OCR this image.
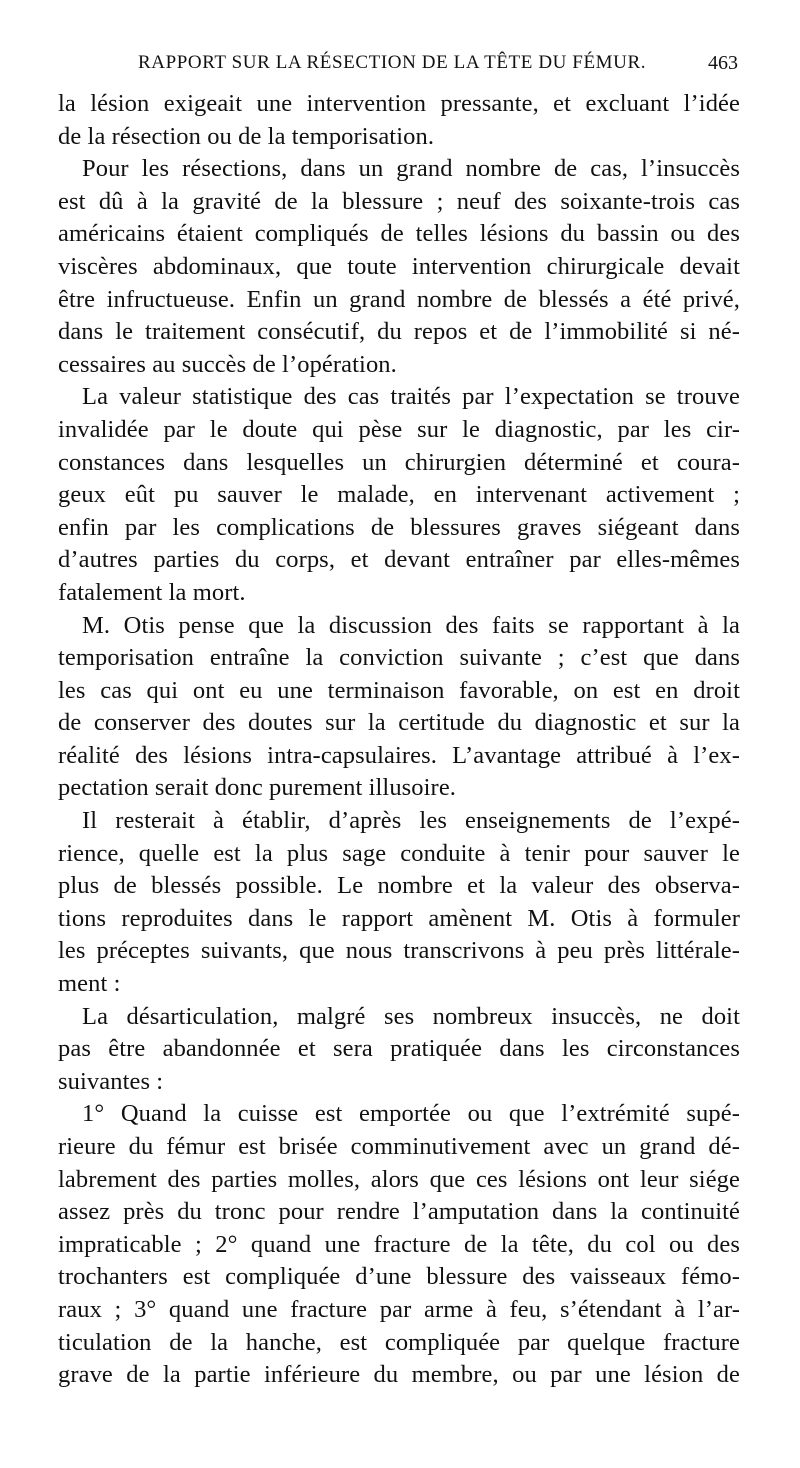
RAPPORT SUR LA RÉSECTION DE LA TÊTE DU FÉMUR.	463
la lésion exigeait une intervention pressante, et excluant l’idée
de la résection ou de la temporisation.
Pour les résections, dans un grand nombre de cas, l’insuccès
est dû à la gravité de la blessure ; neuf des soixante-trois cas
américains étaient compliqués de telles lésions du bassin ou des
viscères abdominaux, que toute intervention chirurgicale devait
être infructueuse. Enfin un grand nombre de blessés a été privé,
dans le traitement consécutif, du repos et de l’immobilité si né-
cessaires au succès de l’opération.
La valeur statistique des cas traités par l’expectation se trouve
invalidée par le doute qui pèse sur le diagnostic, par les cir-
constances dans lesquelles un chirurgien déterminé et coura-
geux eût pu sauver le malade, en intervenant activement ;
enfin par les complications de blessures graves siégeant dans
d’autres parties du corps, et devant entraîner par elles-mêmes
fatalement la mort.
M. Otis pense que la discussion des faits se rapportant à la
temporisation entraîne la conviction suivante ; c’est que dans
les cas qui ont eu une terminaison favorable, on est en droit
de conserver des doutes sur la certitude du diagnostic et sur la
réalité des lésions intra-capsulaires. L’avantage attribué à l’ex-
pectation serait donc purement illusoire.
Il resterait à établir, d’après les enseignements de l’expé-
rience, quelle est la plus sage conduite à tenir pour sauver le
plus de blessés possible. Le nombre et la valeur des observa-
tions reproduites dans le rapport amènent M. Otis à formuler
les préceptes suivants, que nous transcrivons à peu près littérale-
ment :
La désarticulation, malgré ses nombreux insuccès, ne doit
pas être abandonnée et sera pratiquée dans les circonstances
suivantes :
1° Quand la cuisse est emportée ou que l’extrémité supé-
rieure du fémur est brisée comminutivement avec un grand dé-
labrement des parties molles, alors que ces lésions ont leur siége
assez près du tronc pour rendre l’amputation dans la continuité
impraticable ; 2° quand une fracture de la tête, du col ou des
trochanters est compliquée d’une blessure des vaisseaux fémo-
raux ; 3° quand une fracture par arme à feu, s’étendant à l’ar-
ticulation de la hanche, est compliquée par quelque fracture
grave de la partie inférieure du membre, ou par une lésion de
